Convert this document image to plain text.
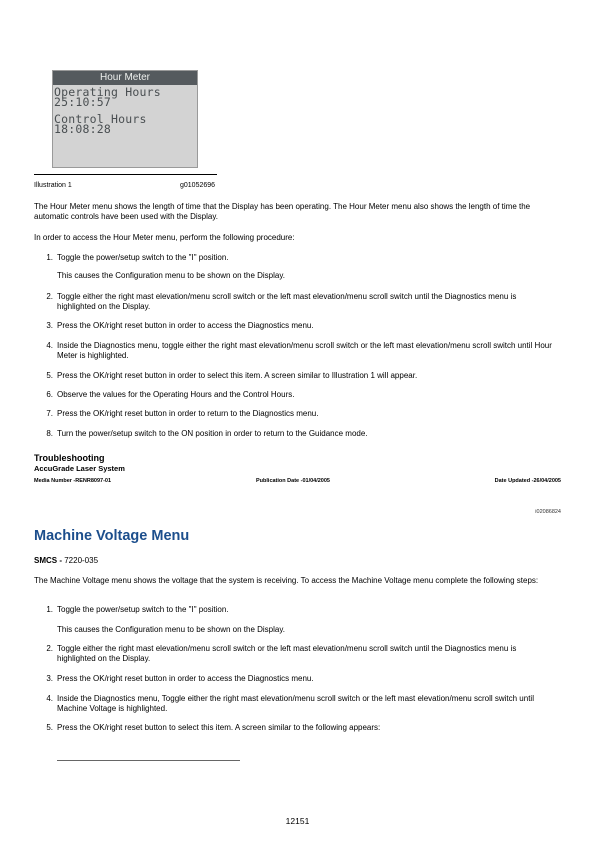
Hour Meter
Operating Hours
25:10:57
Control Hours
18:08:28
Illustration 1	g01052696
The Hour Meter menu shows the length of time that the Display has been operating. The Hour Meter menu also shows the length of time the automatic controls have been used with the Display.
In order to access the Hour Meter menu, perform the following procedure:
1. Toggle the power/setup switch to the "I" position.
This causes the Configuration menu to be shown on the Display.
2. Toggle either the right mast elevation/menu scroll switch or the left mast elevation/menu scroll switch until the Diagnostics menu is highlighted on the Display.
3. Press the OK/right reset button in order to access the Diagnostics menu.
4. Inside the Diagnostics menu, toggle either the right mast elevation/menu scroll switch or the left mast elevation/menu scroll switch until Hour Meter is highlighted.
5. Press the OK/right reset button in order to select this item. A screen similar to Illustration 1 will appear.
6. Observe the values for the Operating Hours and the Control Hours.
7. Press the OK/right reset button in order to return to the Diagnostics menu.
8. Turn the power/setup switch to the ON position in order to return to the Guidance mode.
Troubleshooting
AccuGrade Laser System
Media Number -RENR8097-01	Publication Date -01/04/2005	Date Updated -26/04/2005
i02086824
Machine Voltage Menu
SMCS - 7220-035
The Machine Voltage menu shows the voltage that the system is receiving. To access the Machine Voltage menu complete the following steps:
1. Toggle the power/setup switch to the "I" position.
This causes the Configuration menu to be shown on the Display.
2. Toggle either the right mast elevation/menu scroll switch or the left mast elevation/menu scroll switch until the Diagnostics menu is highlighted on the Display.
3. Press the OK/right reset button in order to access the Diagnostics menu.
4. Inside the Diagnostics menu, Toggle either the right mast elevation/menu scroll switch or the left mast elevation/menu scroll switch until Machine Voltage is highlighted.
5. Press the OK/right reset button to select this item. A screen similar to the following appears:
12151
